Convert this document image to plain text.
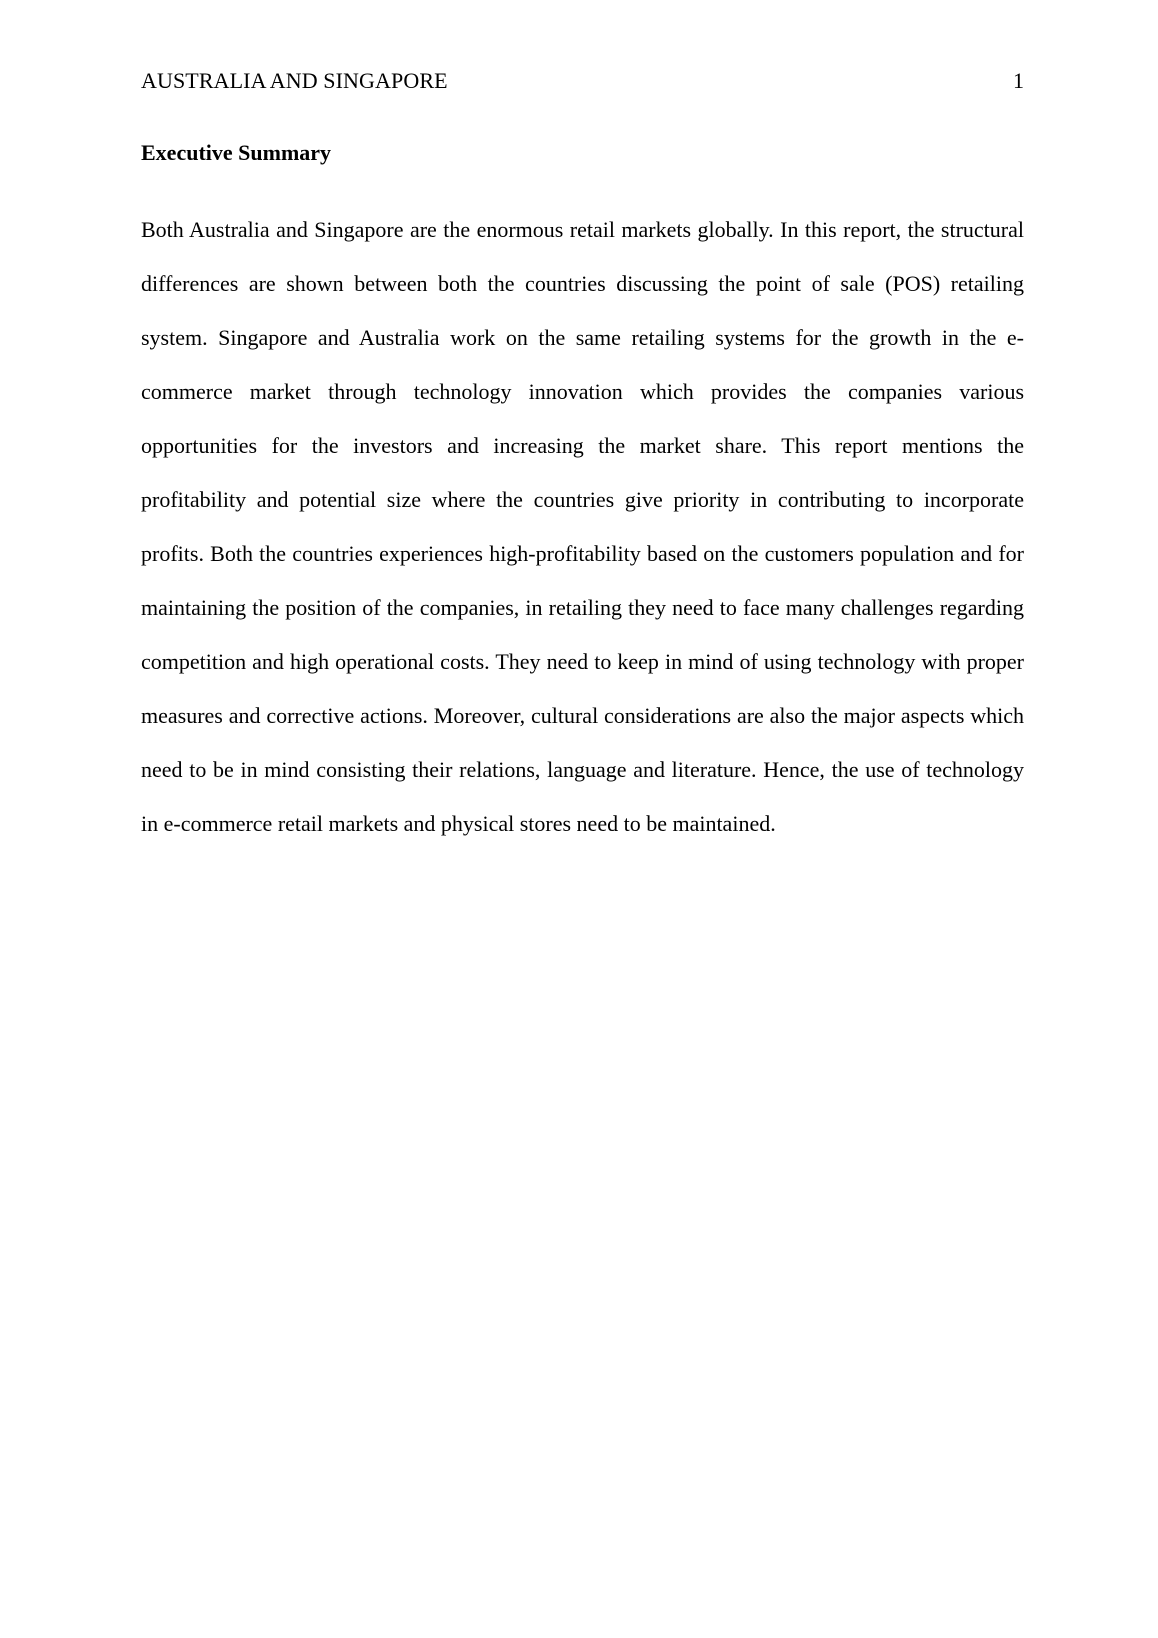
AUSTRALIA AND SINGAPORE	1
Executive Summary

Both Australia and Singapore are the enormous retail markets globally. In this report, the structural differences are shown between both the countries discussing the point of sale (POS) retailing system. Singapore and Australia work on the same retailing systems for the growth in the e-commerce market through technology innovation which provides the companies various opportunities for the investors and increasing the market share. This report mentions the profitability and potential size where the countries give priority in contributing to incorporate profits. Both the countries experiences high-profitability based on the customers population and for maintaining the position of the companies, in retailing they need to face many challenges regarding competition and high operational costs. They need to keep in mind of using technology with proper measures and corrective actions. Moreover, cultural considerations are also the major aspects which need to be in mind consisting their relations, language and literature. Hence, the use of technology in e-commerce retail markets and physical stores need to be maintained.
